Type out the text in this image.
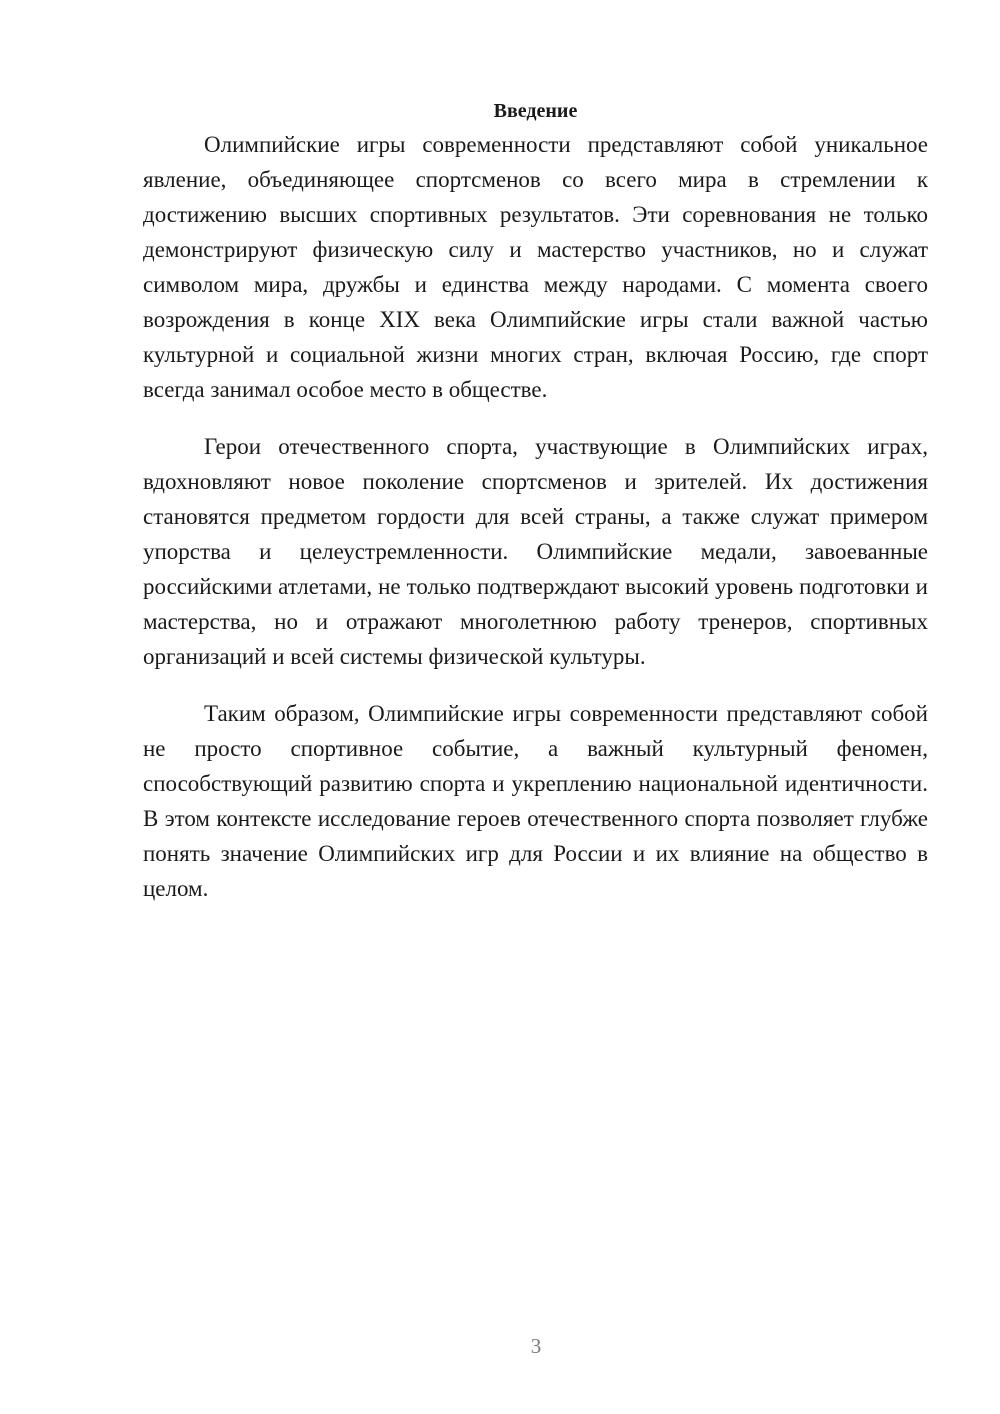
Введение

Олимпийские игры современности представляют собой уникальное явление, объединяющее спортсменов со всего мира в стремлении к достижению высших спортивных результатов. Эти соревнования не только демонстрируют физическую силу и мастерство участников, но и служат символом мира, дружбы и единства между народами. С момента своего возрождения в конце XIX века Олимпийские игры стали важной частью культурной и социальной жизни многих стран, включая Россию, где спорт всегда занимал особое место в обществе.

Герои отечественного спорта, участвующие в Олимпийских играх, вдохновляют новое поколение спортсменов и зрителей. Их достижения становятся предметом гордости для всей страны, а также служат примером упорства и целеустремленности. Олимпийские медали, завоеванные российскими атлетами, не только подтверждают высокий уровень подготовки и мастерства, но и отражают многолетнюю работу тренеров, спортивных организаций и всей системы физической культуры.

Таким образом, Олимпийские игры современности представляют собой не просто спортивное событие, а важный культурный феномен, способствующий развитию спорта и укреплению национальной идентичности. В этом контексте исследование героев отечественного спорта позволяет глубже понять значение Олимпийских игр для России и их влияние на общество в целом.

3
